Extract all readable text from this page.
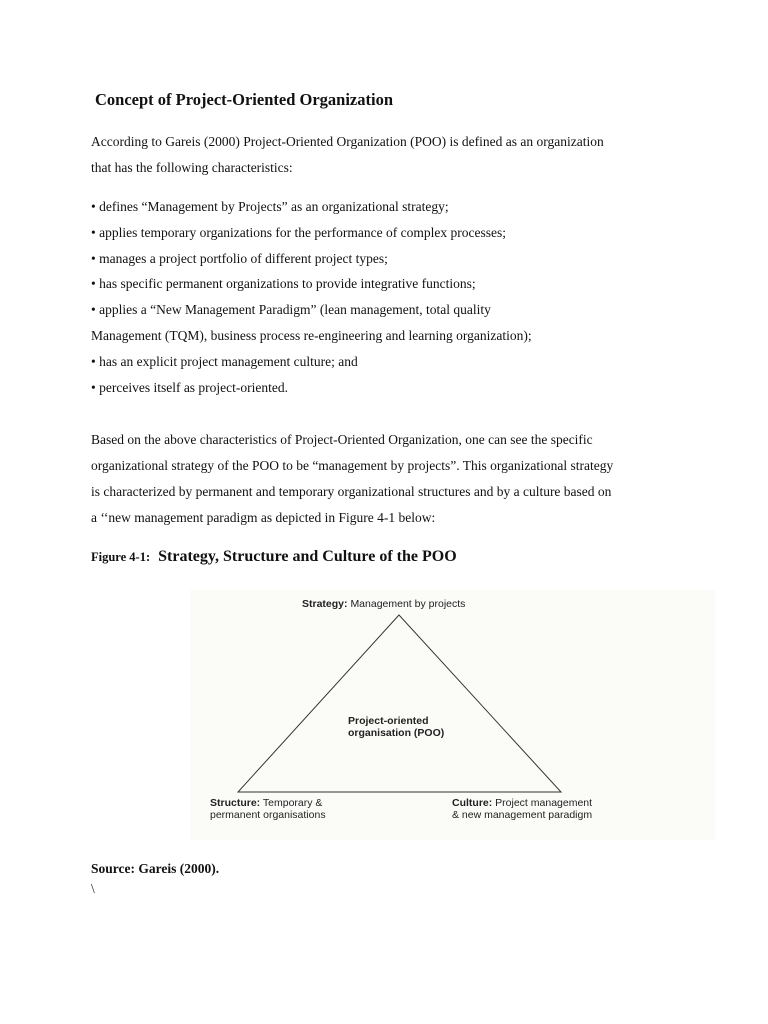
Concept of Project-Oriented Organization
According to Gareis (2000) Project-Oriented Organization (POO) is defined as an organization
that has the following characteristics:
• defines “Management by Projects” as an organizational strategy;
• applies temporary organizations for the performance of complex processes;
• manages a project portfolio of different project types;
• has specific permanent organizations to provide integrative functions;
• applies a “New Management Paradigm” (lean management, total quality
Management (TQM), business process re-engineering and learning organization);
• has an explicit project management culture; and
• perceives itself as project-oriented.
Based on the above characteristics of Project-Oriented Organization, one can see the specific
organizational strategy of the POO to be “management by projects”. This organizational strategy
is characterized by permanent and temporary organizational structures and by a culture based on
a ‘‘new management paradigm as depicted in Figure 4-1 below:

Figure 4-1: Strategy, Structure and Culture of the POO

Strategy: Management by projects
Project-oriented
organisation (POO)
Structure: Temporary &
permanent organisations
Culture: Project management
& new management paradigm

Source: Gareis (2000).

\
